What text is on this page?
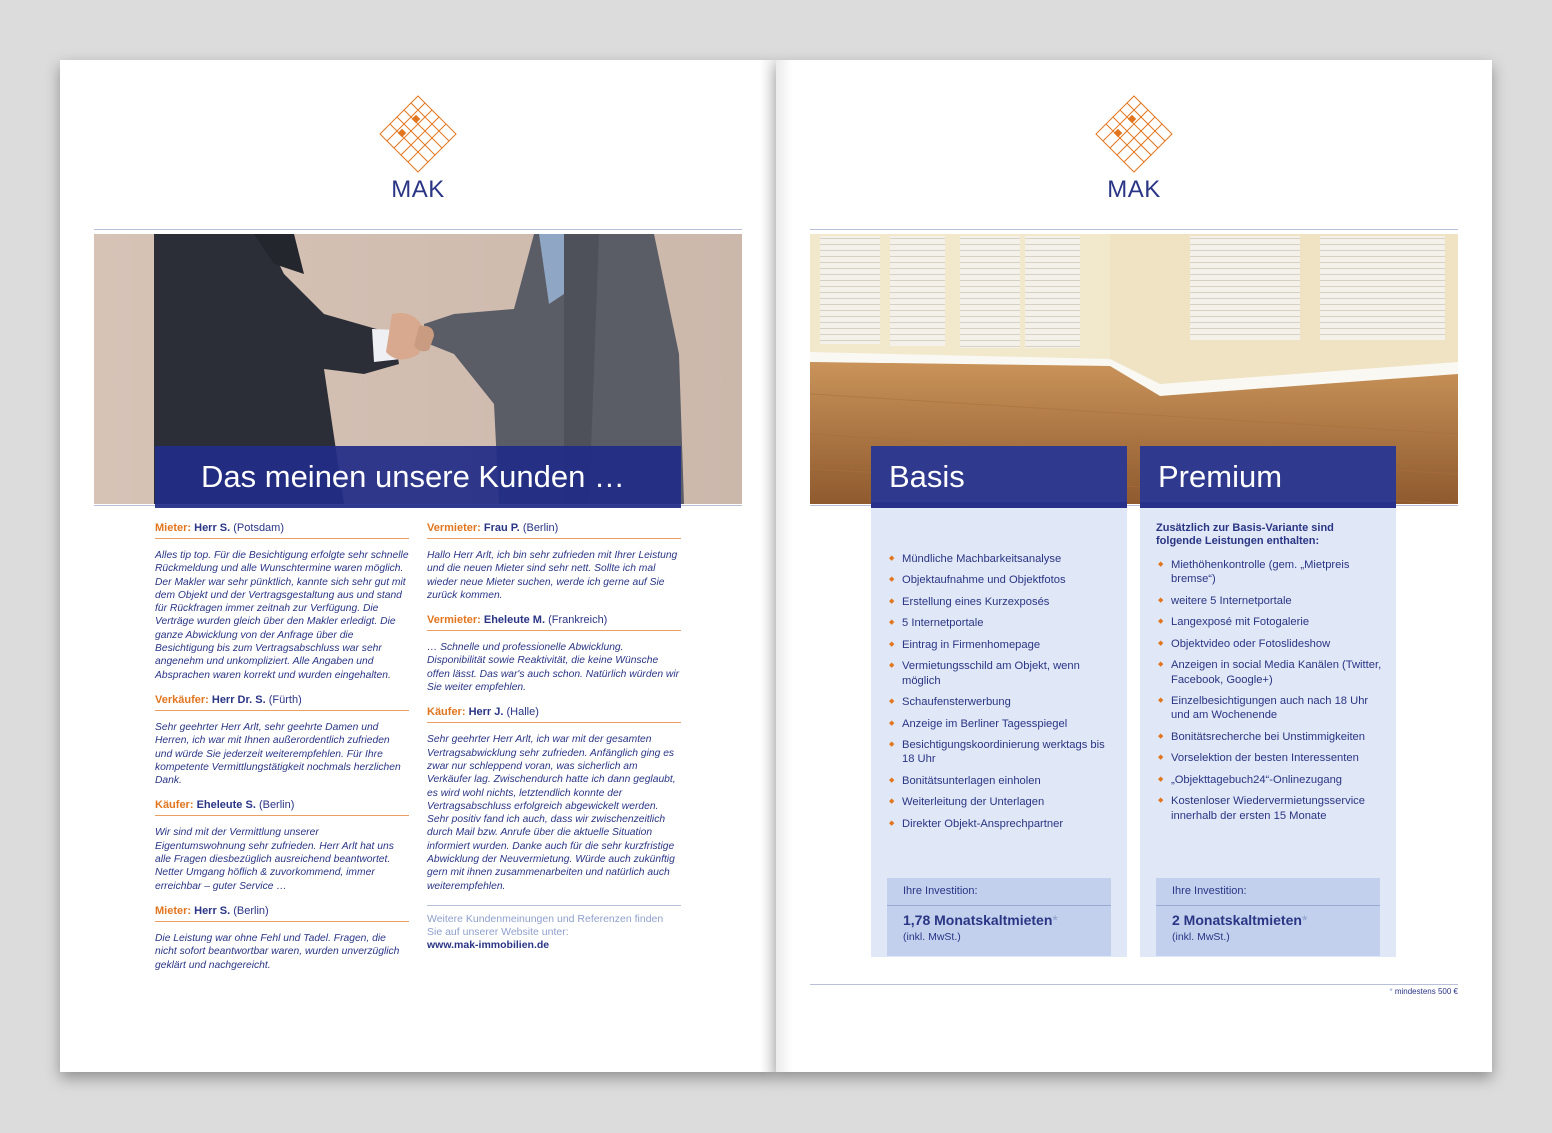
MAK
Das meinen unsere Kunden …
Mieter: Herr S. (Potsdam)
Alles tip top. Für die Besichtigung erfolgte sehr schnelle Rückmeldung und alle Wunschtermine waren möglich. Der Makler war sehr pünktlich, kannte sich sehr gut mit dem Objekt und der Vertragsgestaltung aus und stand für Rückfragen immer zeitnah zur Verfügung. Die Verträge wurden gleich über den Makler erledigt. Die ganze Abwicklung von der Anfrage über die Besichtigung bis zum Vertragsabschluss war sehr angenehm und unkompliziert. Alle Angaben und Absprachen waren korrekt und wurden eingehalten.
Verkäufer: Herr Dr. S. (Fürth)
Sehr geehrter Herr Arlt, sehr geehrte Damen und Herren, ich war mit Ihnen außerordentlich zufrieden und würde Sie jederzeit weiterempfehlen. Für Ihre kompetente Vermittlungstätigkeit nochmals herzlichen Dank.
Käufer: Eheleute S. (Berlin)
Wir sind mit der Vermittlung unserer Eigentumswohnung sehr zufrieden. Herr Arlt hat uns alle Fragen diesbezüglich ausreichend beantwortet. Netter Umgang höflich & zuvorkommend, immer erreichbar – guter Service …
Mieter: Herr S. (Berlin)
Die Leistung war ohne Fehl und Tadel. Fragen, die nicht sofort beantwortbar waren, wurden unverzüglich geklärt und nachgereicht.
Vermieter: Frau P. (Berlin)
Hallo Herr Arlt, ich bin sehr zufrieden mit Ihrer Leistung und die neuen Mieter sind sehr nett. Sollte ich mal wieder neue Mieter suchen, werde ich gerne auf Sie zurück kommen.
Vermieter: Eheleute M. (Frankreich)
… Schnelle und professionelle Abwicklung. Disponibilität sowie Reaktivität, die keine Wünsche offen lässt. Das war's auch schon. Natürlich würden wir Sie weiter empfehlen.
Käufer: Herr J. (Halle)
Sehr geehrter Herr Arlt, ich war mit der gesamten Vertragsabwicklung sehr zufrieden. Anfänglich ging es zwar nur schleppend voran, was sicherlich am Verkäufer lag. Zwischendurch hatte ich dann geglaubt, es wird wohl nichts, letztendlich konnte der Vertragsabschluss erfolgreich abgewickelt werden. Sehr positiv fand ich auch, dass wir zwischenzeitlich durch Mail bzw. Anrufe über die aktuelle Situation informiert wurden. Danke auch für die sehr kurzfristige Abwicklung der Neuvermietung. Würde auch zukünftig gern mit ihnen zusammenarbeiten und natürlich auch weiterempfehlen.
Weitere Kundenmeinungen und Referenzen finden Sie auf unserer Website unter:
www.mak-immobilien.de
MAK
Basis
◆ Mündliche Machbarkeitsanalyse
◆ Objektaufnahme und Objektfotos
◆ Erstellung eines Kurzexposés
◆ 5 Internetportale
◆ Eintrag in Firmenhomepage
◆ Vermietungsschild am Objekt, wenn möglich
◆ Schaufensterwerbung
◆ Anzeige im Berliner Tagesspiegel
◆ Besichtigungskoordinierung werktags bis 18 Uhr
◆ Bonitätsunterlagen einholen
◆ Weiterleitung der Unterlagen
◆ Direkter Objekt-Ansprechpartner
Ihre Investition:
1,78 Monatskaltmieten*
(inkl. MwSt.)
Premium
Zusätzlich zur Basis-Variante sind folgende Leistungen enthalten:
◆ Miethöhenkontrolle (gem. „Mietpreis bremse“)
◆ weitere 5 Internetportale
◆ Langexposé mit Fotogalerie
◆ Objektvideo oder Fotoslideshow
◆ Anzeigen in social Media Kanälen (Twitter, Facebook, Google+)
◆ Einzelbesichtigungen auch nach 18 Uhr und am Wochenende
◆ Bonitätsrecherche bei Unstimmigkeiten
◆ Vorselektion der besten Interessenten
◆ „Objekttagebuch24“-Onlinezugang
◆ Kostenloser Wiedervermietungsservice innerhalb der ersten 15 Monate
Ihre Investition:
2 Monatskaltmieten*
(inkl. MwSt.)
* mindestens 500 €
